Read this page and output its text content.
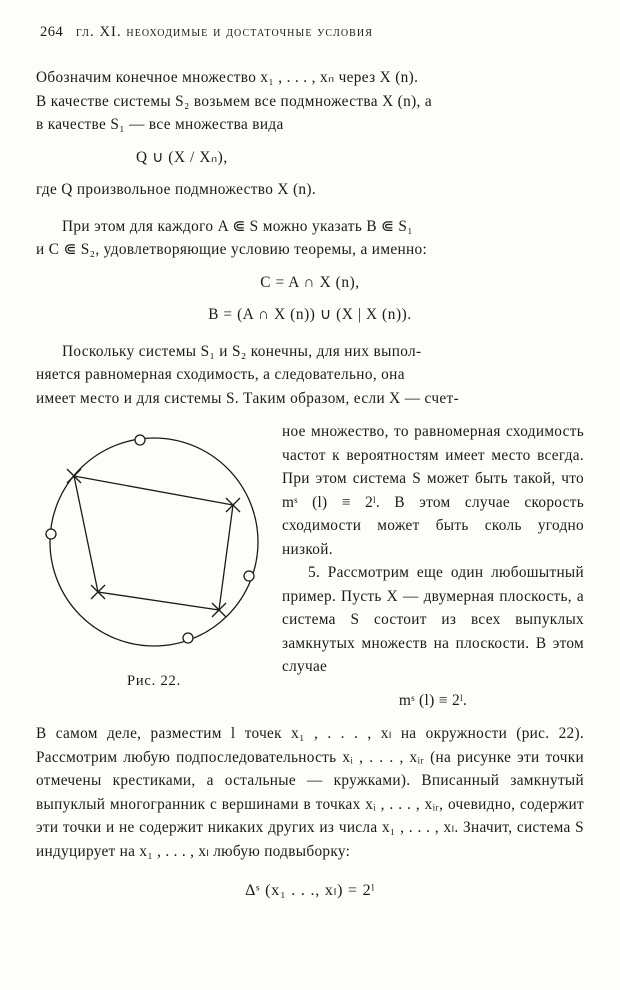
264 гл. XI. неоходимые и достаточные условия

Обозначим конечное множество x₁ , . . . , xₙ через X (n).

В качестве системы S₂ возьмем все подмножества X (n), а

в качестве S₁ — все множества вида

Q ∪ (X / Xₙ),
где Q произвольное подмножество X (n).

При этом для каждого A ⋐ S можно указать B ⋐ S₁

и C ⋐ S₂, удовлетворяющие условию теоремы, а именно:

C = A ∩ X (n),
B = (A ∩ X (n)) ∪ (X | X (n)).

Поскольку системы S₁ и S₂ конечны, для них выпол-

няется равномерная сходимость, а следовательно, она

имеет место и для системы S. Таким образом, если X — счет-

Рис. 22.

ное множество, то равномерная сходимость частот к вероятностям имеет место всегда. При этом система S может быть такой, что mˢ (l) ≡ 2ˡ. В этом случае скорость сходимости может быть сколь угодно низкой.

5. Рассмотрим еще один любошытный пример. Пусть X — двумерная плоскость, а система S состоит из всех выпуклых замкнутых множеств на плоскости. В этом случае

mˢ (l) ≡ 2ˡ.
В самом деле, разместим l точек x₁ , . . . , xₗ на окружности (рис. 22). Рассмотрим любую подпоследовательность xᵢ , . . . , xᵢᵣ (на рисунке эти точки отмечены крестиками, а остальные — кружками). Вписанный замкнутый выпуклый многогранник с вершинами в точках xᵢ , . . . , xᵢᵣ, очевидно, содержит эти точки и не содержит никаких других из числа x₁ , . . . , xₗ. Значит, система S индуцирует на x₁ , . . . , xₗ любую подвыборку:
Δˢ (x₁ . . ., xₗ) = 2ˡ
